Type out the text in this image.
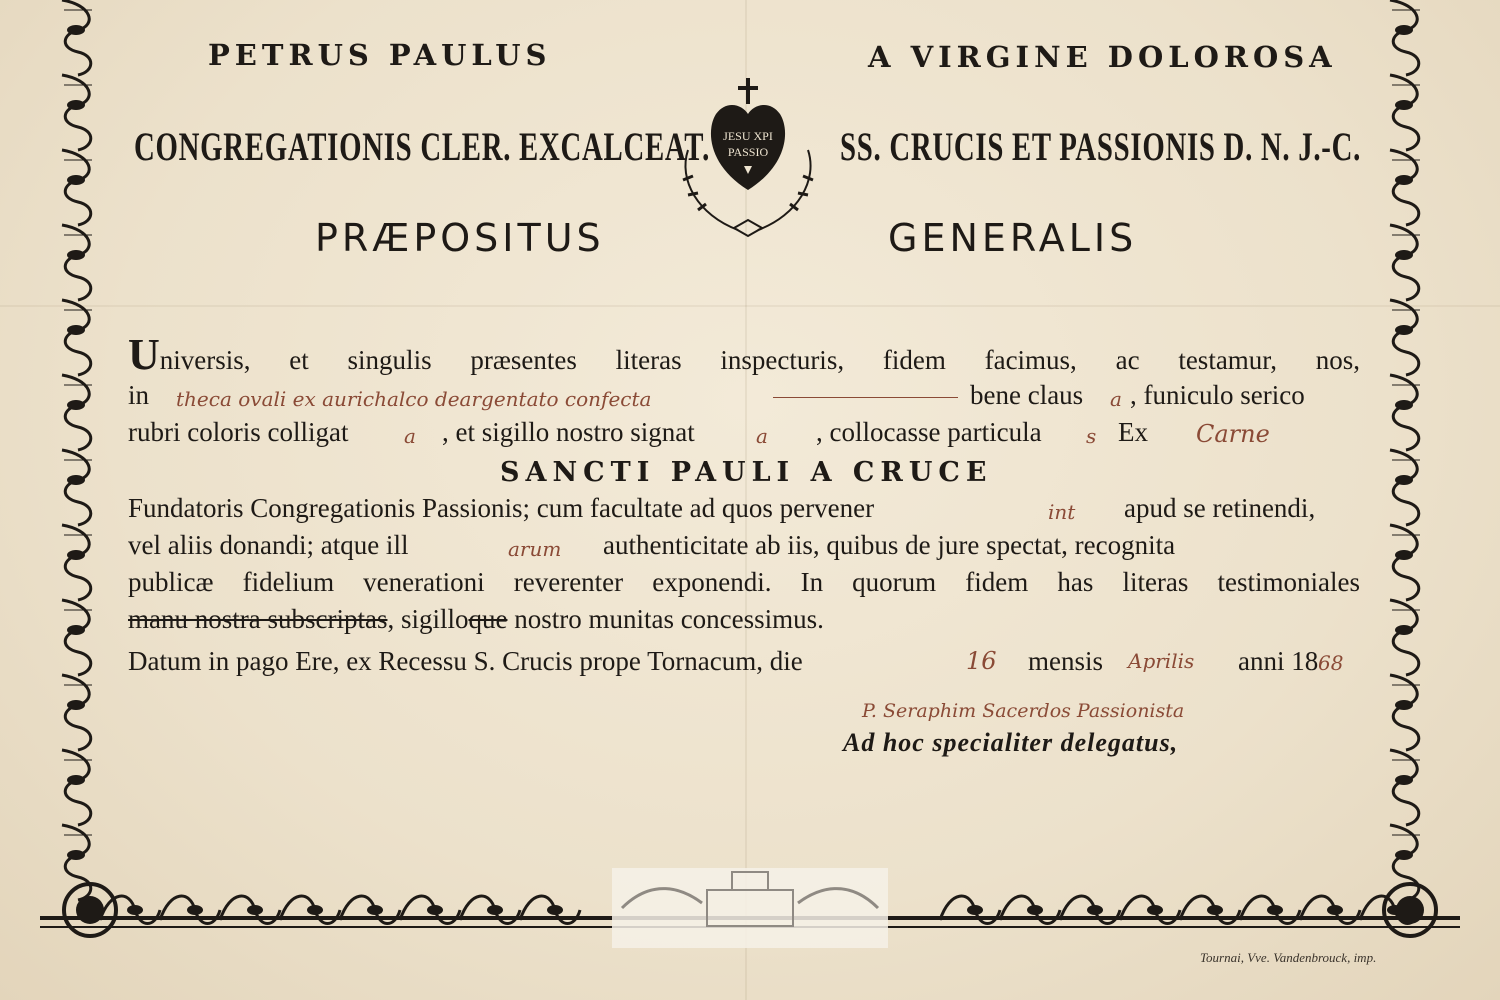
PETRUS PAULUS	A VIRGINE DOLOROSA
CONGREGATIONIS CLER. EXCALCEAT.	SS. CRUCIS ET PASSIONIS D. N. J.-C.
PRÆPOSITUS	GENERALIS
JESU XPI
PASSIO
Universis, et singulis præsentes literas inspecturis, fidem facimus, ac testamur, nos,
in theca ovali ex aurichalco deargentato confecta	bene claus a , funiculo serico
rubri coloris colligat	a , et sigillo nostro signat	a , collocasse particula s Ex Carne
SANCTI PAULI A CRUCE
Fundatoris Congregationis Passionis; cum facultate ad quos pervener	int apud se retinendi,
vel aliis donandi; atque ill	arum authenticitate ab iis, quibus de jure spectat, recognita
publicæ fidelium venerationi reverenter exponendi. In quorum fidem has literas testimoniales
manu nostra subscriptas, sigilloque nostro munitas concessimus.
Datum in pago Ere, ex Recessu S. Crucis prope Tornacum, die	16 mensis Aprilis anni 18 68
P. Seraphim Sacerdos Passionista
Ad hoc specialiter delegatus,
Tournai, Vve. Vandenbrouck, imp.
